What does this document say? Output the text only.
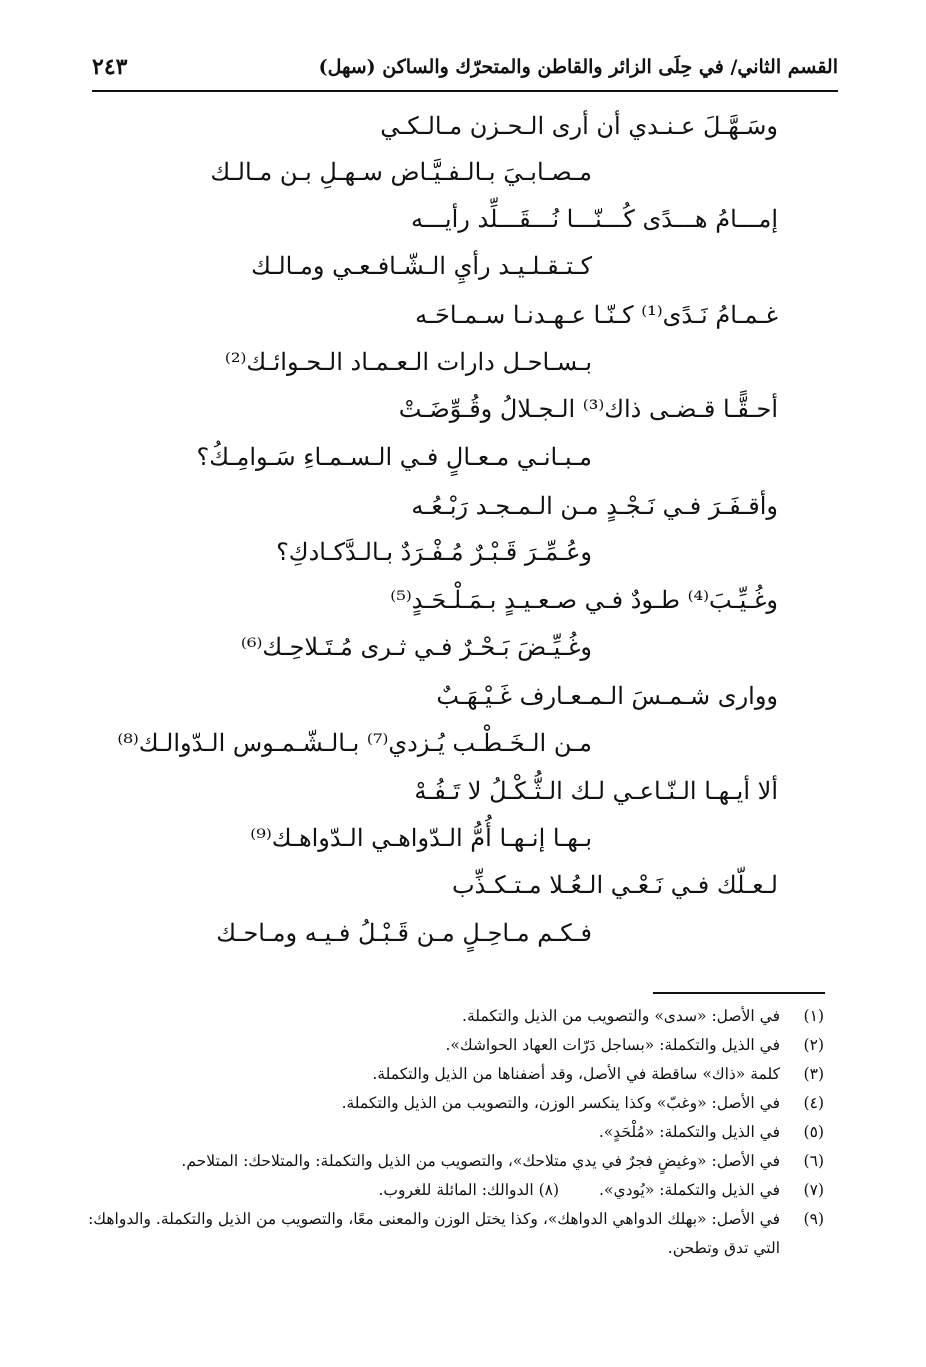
القسم الثاني/ في حِلَى الزائر والقاطن والمتحرّك والساكن (سهل)
٢٤٣
وسَـهَّـلَ عـنـدي أن أرى الـحـزن مـالـكـي
مـصـابـيَ بـالـفـيَّـاض سـهـلِ بـن مـالـك
إمـــامُ هـــدًى كُـــنّـــا نُـــقَـــلِّد رأيـــه
كـتـقـلـيـد رأيِ الـشّـافـعـي ومـالـك
غـمـامُ نَـدًى⁽¹⁾ كـنّـا عـهـدنـا سـمـاحَـه
بـسـاحـل دارات الـعـمـاد الـحـوائـك⁽²⁾
أحـقًّـا قـضـى ذاك⁽³⁾ الـجـلالُ وقُـوِّضَـتْ
مـبـانـي مـعـالٍ فـي الـسـمـاءِ سَـوامِـكُ؟
وأقـفَـرَ فـي نَـجْـدٍ مـن الـمـجـد رَبْـعُـه
وعُـمِّـرَ قَـبْـرٌ مُـفْـرَدٌ بـالـدَّكـادكِ؟
وغُـيِّـبَ⁽⁴⁾ طـودٌ فـي صـعـيـدٍ بـمَـلْـحَـدٍ⁽⁵⁾
وغُـيِّـضَ بَـحْـرٌ فـي ثـرى مُـتَـلاحِـك⁽⁶⁾
ووارى شـمـسَ الـمـعـارف غَـيْـهَـبٌ
مـن الـخَـطْـب يُـزدي⁽⁷⁾ بـالـشّـمـوس الـدّوالـك⁽⁸⁾
ألا أيـهـا الـنّـاعـي لـك الـثُّـكْـلُ لا تَـفُـهْ
بـهـا إنـهـا أُمُّ الـدّواهـي الـدّواهـك⁽⁹⁾
لـعـلّك فـي نَـعْـي الـعُـلا مـتـكـذِّب
فـكـم مـاحِـلٍ مـن قَـبْـلُ فـيـه ومـاحـك
(١)
في الأصل: «سدى» والتصويب من الذيل والتكملة.
(٢)
في الذيل والتكملة: «بساجل دَرّات العهاد الحواشك».
(٣)
كلمة «ذاك» ساقطة في الأصل، وقد أضفناها من الذيل والتكملة.
(٤)
في الأصل: «وغبّ» وكذا ينكسر الوزن، والتصويب من الذيل والتكملة.
(٥)
في الذيل والتكملة: «مُلْحَدٍ».
(٦)
في الأصل: «وغيضٍ فجرٌ في يدي متلاحك»، والتصويب من الذيل والتكملة: والمتلاحك: المتلاحم.
(٧)
في الذيل والتكملة: «يُودي».(٨) الدوالك: المائلة للغروب.
(٩)
في الأصل: «بهلك الدواهي الدواهك»، وكذا يختل الوزن والمعنى معًا، والتصويب من الذيل والتكملة. والدواهك: التي تدق وتطحن.
